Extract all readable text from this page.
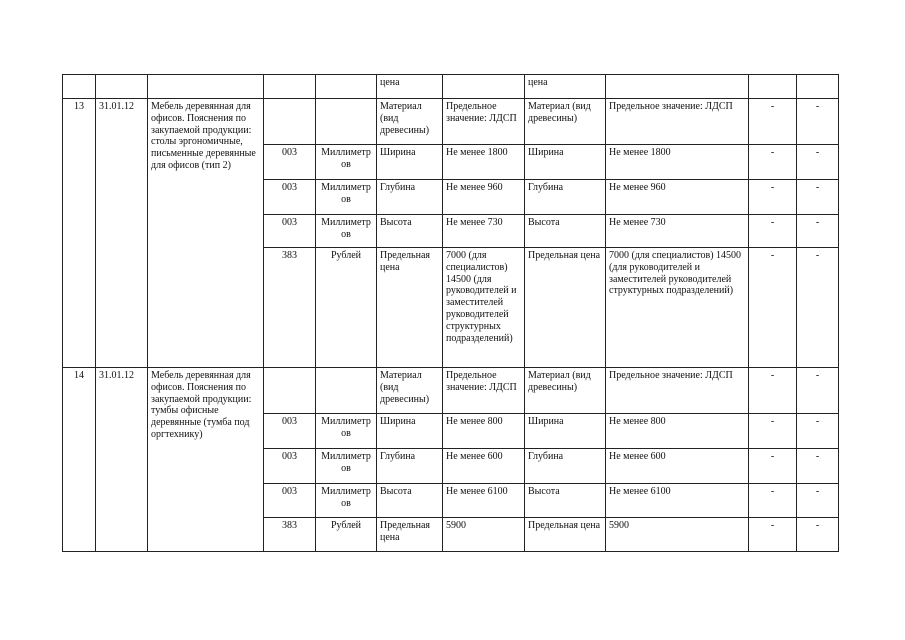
					цена		цена			
13	31.01.12	Мебель деревянная для офисов. Пояснения по закупаемой продукции: столы эргономичные, письменные деревянные для офисов (тип 2)			Материал (вид древесины)	Предельное значение: ЛДСП	Материал (вид древесины)	Предельное значение: ЛДСП	-	-
			003	Миллиметров	Ширина	Не менее 1800	Ширина	Не менее 1800	-	-
			003	Миллиметров	Глубина	Не менее 960	Глубина	Не менее 960	-	-
			003	Миллиметров	Высота	Не менее 730	Высота	Не менее 730	-	-
			383	Рублей	Предельная цена	7000 (для специалистов) 14500 (для руководителей и заместителей руководителей структурных подразделений)	Предельная цена	7000 (для специалистов) 14500 (для руководителей и заместителей руководителей структурных подразделений)	-	-
14	31.01.12	Мебель деревянная для офисов. Пояснения по закупаемой продукции: тумбы офисные деревянные (тумба под оргтехнику)			Материал (вид древесины)	Предельное значение: ЛДСП	Материал (вид древесины)	Предельное значение: ЛДСП	-	-
			003	Миллиметров	Ширина	Не менее 800	Ширина	Не менее 800	-	-
			003	Миллиметров	Глубина	Не менее 600	Глубина	Не менее 600	-	-
			003	Миллиметров	Высота	Не менее 6100	Высота	Не менее 6100	-	-
			383	Рублей	Предельная цена	5900	Предельная цена	5900	-	-
